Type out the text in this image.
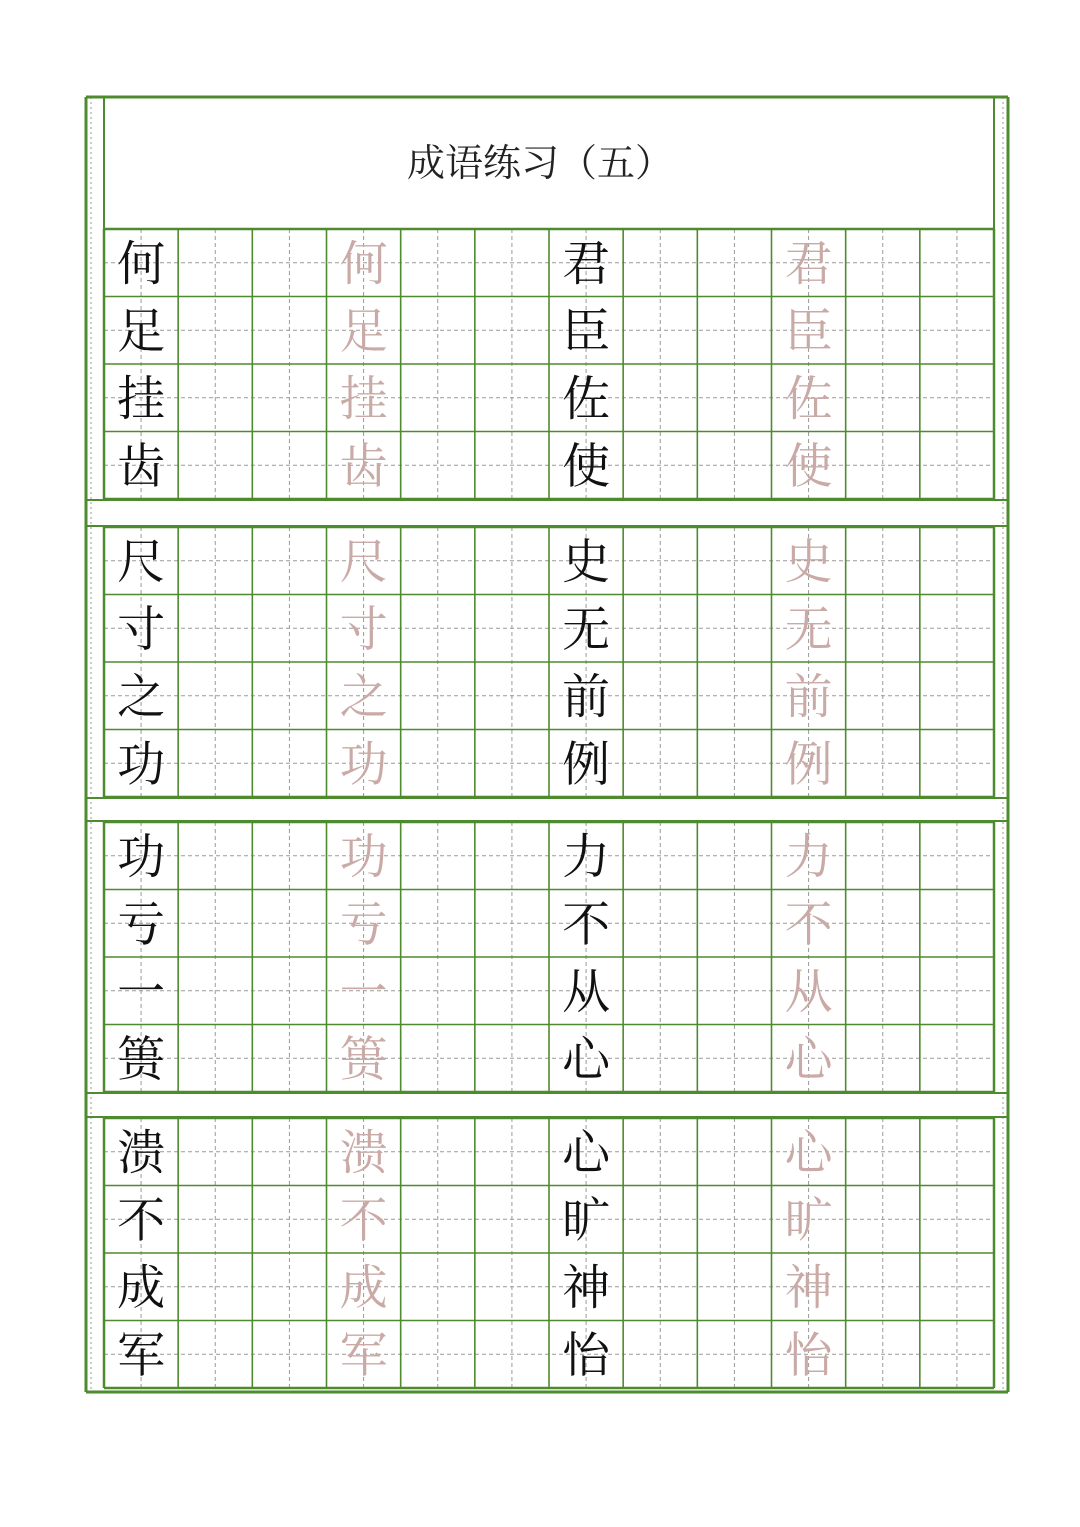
成语练习（五）
何
足
挂
齿
何
足
挂
齿
君
臣
佐
使
君
臣
佐
使
尺
寸
之
功
尺
寸
之
功
史
无
前
例
史
无
前
例
功
亏
一
篑
功
亏
一
篑
力
不
从
心
力
不
从
心
溃
不
成
军
溃
不
成
军
心
旷
神
怡
心
旷
神
怡
